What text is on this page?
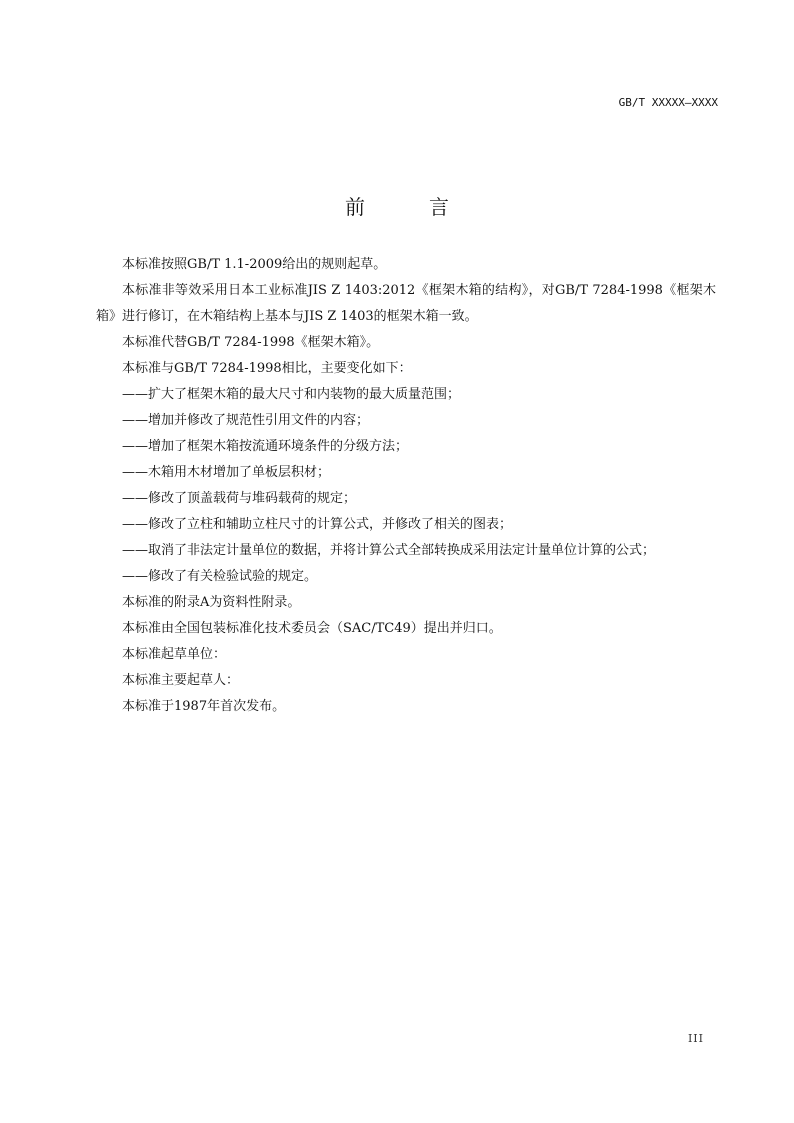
GB/T XXXXX—XXXX
前　言

本标准按照GB/T 1.1-2009给出的规则起草。

本标准非等效采用日本工业标准JIS Z 1403:2012《框架木箱的结构》，对GB/T 7284-1998《框架木箱》进行修订，在木箱结构上基本与JIS Z 1403的框架木箱一致。

本标准代替GB/T 7284-1998《框架木箱》。

本标准与GB/T 7284-1998相比，主要变化如下：

——扩大了框架木箱的最大尺寸和内装物的最大质量范围；

——增加并修改了规范性引用文件的内容；

——增加了框架木箱按流通环境条件的分级方法；

——木箱用木材增加了单板层积材；

——修改了顶盖载荷与堆码载荷的规定；

——修改了立柱和辅助立柱尺寸的计算公式，并修改了相关的图表；

——取消了非法定计量单位的数据，并将计算公式全部转换成采用法定计量单位计算的公式；

——修改了有关检验试验的规定。

本标准的附录A为资料性附录。

本标准由全国包装标准化技术委员会（SAC/TC49）提出并归口。

本标准起草单位：

本标准主要起草人：

本标准于1987年首次发布。

III
